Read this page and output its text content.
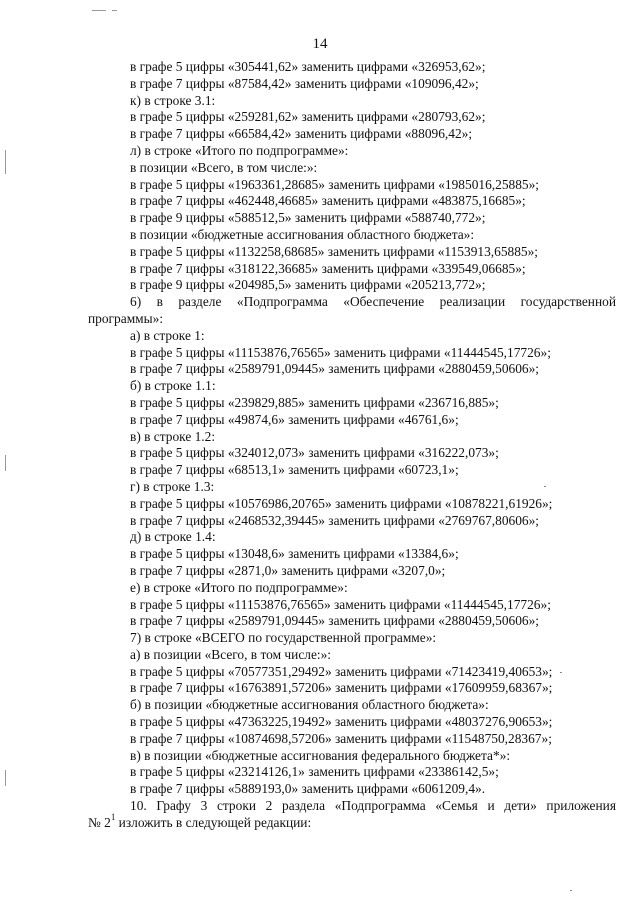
14
в графе 5 цифры «305441,62» заменить цифрами «326953,62»;
в графе 7 цифры «87584,42» заменить цифрами «109096,42»;
к) в строке 3.1:
в графе 5 цифры «259281,62» заменить цифрами «280793,62»;
в графе 7 цифры «66584,42» заменить цифрами «88096,42»;
л) в строке «Итого по подпрограмме»:
в позиции «Всего, в том числе:»:
в графе 5 цифры «1963361,28685» заменить цифрами «1985016,25885»;
в графе 7 цифры «462448,46685» заменить цифрами «483875,16685»;
в графе 9 цифры «588512,5» заменить цифрами «588740,772»;
в позиции «бюджетные ассигнования областного бюджета»:
в графе 5 цифры «1132258,68685» заменить цифрами «1153913,65885»;
в графе 7 цифры «318122,36685» заменить цифрами «339549,06685»;
в графе 9 цифры «204985,5» заменить цифрами «205213,772»;
6) в разделе «Подпрограмма «Обеспечение реализации государственной
программы»:
а) в строке 1:
в графе 5 цифры «11153876,76565» заменить цифрами «11444545,17726»;
в графе 7 цифры «2589791,09445» заменить цифрами «2880459,50606»;
б) в строке 1.1:
в графе 5 цифры «239829,885» заменить цифрами «236716,885»;
в графе 7 цифры «49874,6» заменить цифрами «46761,6»;
в) в строке 1.2:
в графе 5 цифры «324012,073» заменить цифрами «316222,073»;
в графе 7 цифры «68513,1» заменить цифрами «60723,1»;
г) в строке 1.3:
в графе 5 цифры «10576986,20765» заменить цифрами «10878221,61926»;
в графе 7 цифры «2468532,39445» заменить цифрами «2769767,80606»;
д) в строке 1.4:
в графе 5 цифры «13048,6» заменить цифрами «13384,6»;
в графе 7 цифры «2871,0» заменить цифрами «3207,0»;
е) в строке «Итого по подпрограмме»:
в графе 5 цифры «11153876,76565» заменить цифрами «11444545,17726»;
в графе 7 цифры «2589791,09445» заменить цифрами «2880459,50606»;
7) в строке «ВСЕГО по государственной программе»:
а) в позиции «Всего, в том числе:»:
в графе 5 цифры «70577351,29492» заменить цифрами «71423419,40653»;
в графе 7 цифры «16763891,57206» заменить цифрами «17609959,68367»;
б) в позиции «бюджетные ассигнования областного бюджета»:
в графе 5 цифры «47363225,19492» заменить цифрами «48037276,90653»;
в графе 7 цифры «10874698,57206» заменить цифрами «11548750,28367»;
в) в позиции «бюджетные ассигнования федерального бюджета*»:
в графе 5 цифры «23214126,1» заменить цифрами «23386142,5»;
в графе 7 цифры «5889193,0» заменить цифрами «6061209,4».
10. Графу 3 строки 2 раздела «Подпрограмма «Семья и дети» приложения
№ $2^1$ изложить в следующей редакции:
